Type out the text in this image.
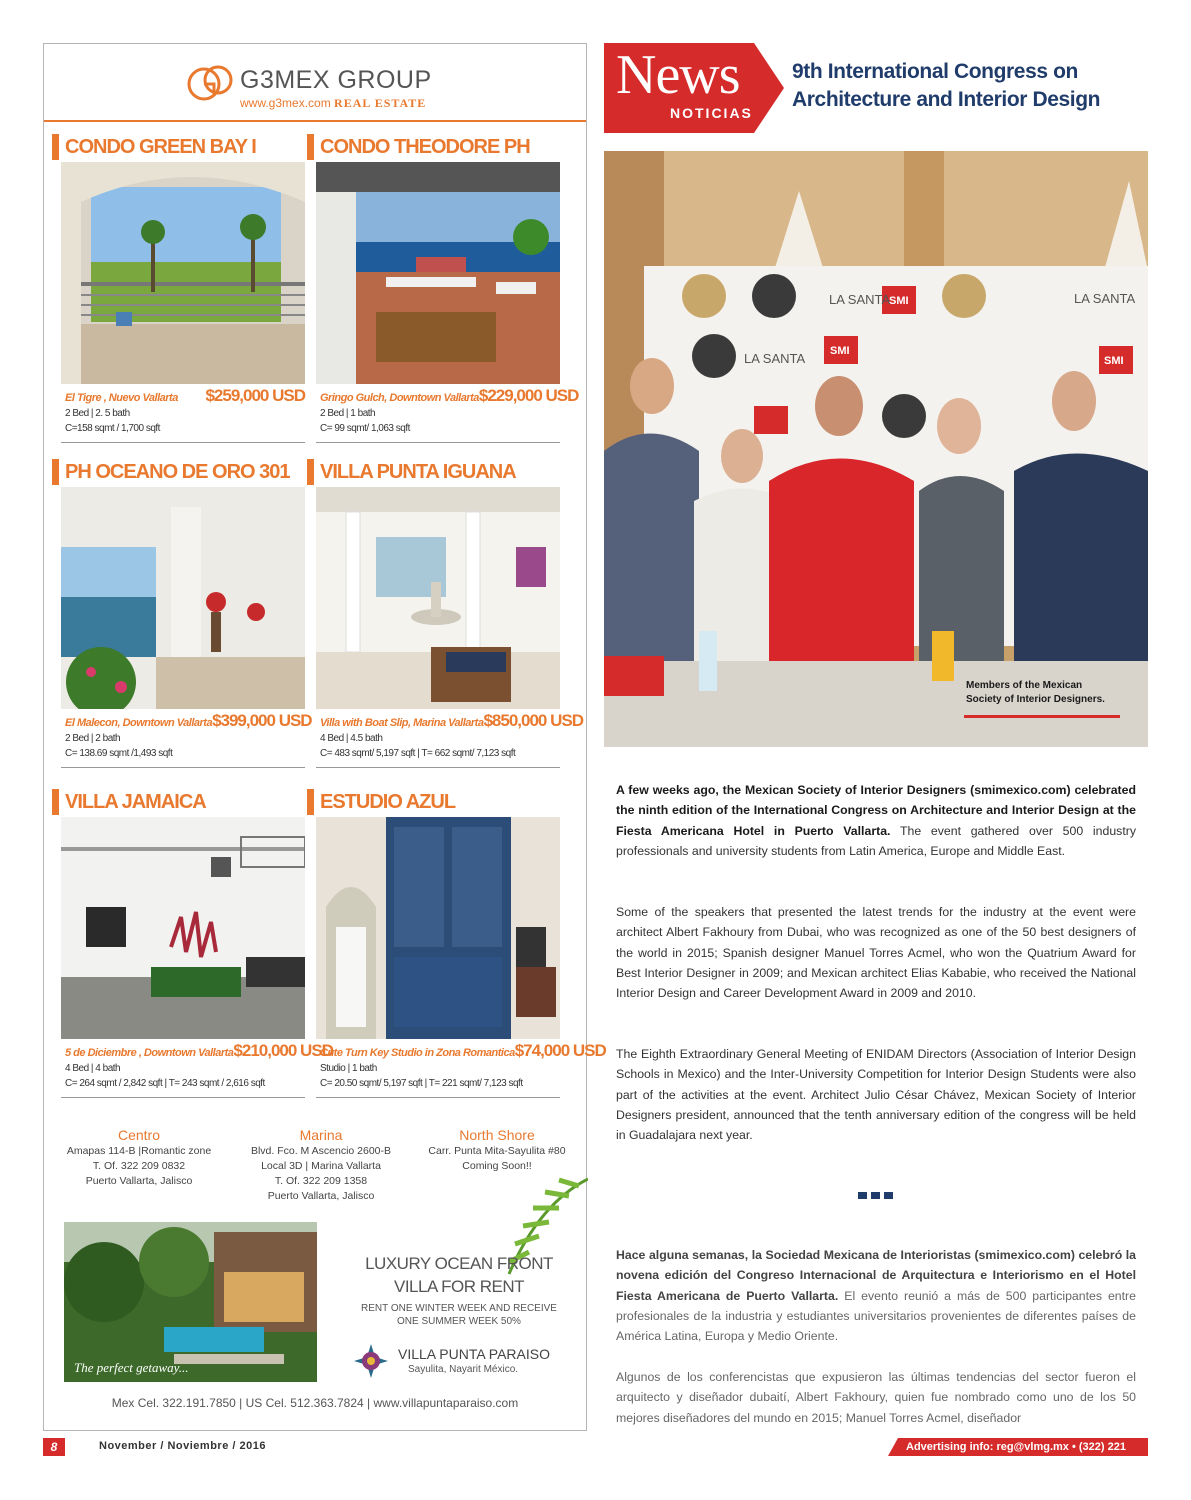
G3MEX GROUP
www.g3mex.com REAL ESTATE
CONDO GREEN BAY I
El Tigre , Nuevo Vallarta $259,000 USD
2 Bed | 2. 5 bath
C=158 sqmt / 1,700 sqft
CONDO THEODORE PH
Gringo Gulch, Downtown Vallarta $229,000 USD
2 Bed | 1 bath
C= 99 sqmt/ 1,063 sqft
PH OCEANO DE ORO 301
El Malecon, Downtown Vallarta $399,000 USD
2 Bed | 2 bath
C= 138.69 sqmt /1,493 sqft
VILLA PUNTA IGUANA
Villa with Boat Slip, Marina Vallarta $850,000 USD
4 Bed | 4.5 bath
C= 483 sqmt/ 5,197 sqft | T= 662 sqmt/ 7,123 sqft
VILLA JAMAICA
5 de Diciembre , Downtown Vallarta $210,000 USD
4 Bed | 4 bath
C= 264 sqmt / 2,842 sqft | T= 243 sqmt / 2,616 sqft
ESTUDIO AZUL
Cute Turn Key Studio in Zona Romantica $74,000 USD
Studio | 1 bath
C= 20.50 sqmt/ 5,197 sqft | T= 221 sqmt/ 7,123 sqft
Centro
Amapas 114-B |Romantic zone
T. Of. 322 209 0832
Puerto Vallarta, Jalisco
Marina
Blvd. Fco. M Ascencio 2600-B
Local 3D | Marina Vallarta
T. Of. 322 209 1358
Puerto Vallarta, Jalisco
North Shore
Carr. Punta Mita-Sayulita #80
Coming Soon!!
The perfect getaway...
LUXURY OCEAN FRONT
VILLA FOR RENT
RENT ONE WINTER WEEK AND RECEIVE
ONE SUMMER WEEK 50%
VILLA PUNTA PARAISO
Sayulita, Nayarit México.
Mex Cel. 322.191.7850 | US Cel. 512.363.7824 | www.villapuntaparaiso.com
8	November / Noviembre / 2016	Advertising info: reg@vlmg.mx • (322) 221 0106
News
NOTICIAS
9th International Congress on
Architecture and Interior Design
LA SANTA
SMI	LA SANTA
SMI
LA SANTA	SMI
Members of the Mexican
Society of Interior Designers.
A few weeks ago, the Mexican Society of Interior Designers (smimexico.com) celebrated the ninth edition of the International Congress on Architecture and Interior Design at the Fiesta Americana Hotel in Puerto Vallarta. The event gathered over 500 industry professionals and university students from Latin America, Europe and Middle East.
Some of the speakers that presented the latest trends for the industry at the event were architect Albert Fakhoury from Dubai, who was recognized as one of the 50 best designers of the world in 2015; Spanish designer Manuel Torres Acmel, who won the Quatrium Award for Best Interior Designer in 2009; and Mexican architect Elias Kababie, who received the National Interior Design and Career Development Award in 2009 and 2010.
The Eighth Extraordinary General Meeting of ENIDAM Directors (Association of Interior Design Schools in Mexico) and the Inter-University Competition for Interior Design Students were also part of the activities at the event. Architect Julio César Chávez, Mexican Society of Interior Designers president, announced that the tenth anniversary edition of the congress will be held in Guadalajara next year.
Hace alguna semanas, la Sociedad Mexicana de Interioristas (smimexico.com) celebró la novena edición del Congreso Internacional de Arquitectura e Interiorismo en el Hotel Fiesta Americana de Puerto Vallarta. El evento reunió a más de 500 participantes entre profesionales de la industria y estudiantes universitarios provenientes de diferentes países de América Latina, Europa y Medio Oriente.
Algunos de los conferencistas que expusieron las últimas tendencias del sector fueron el arquitecto y diseñador dubaití, Albert Fakhoury, quien fue nombrado como uno de los 50 mejores diseñadores del mundo en 2015; Manuel Torres Acmel, diseñador
